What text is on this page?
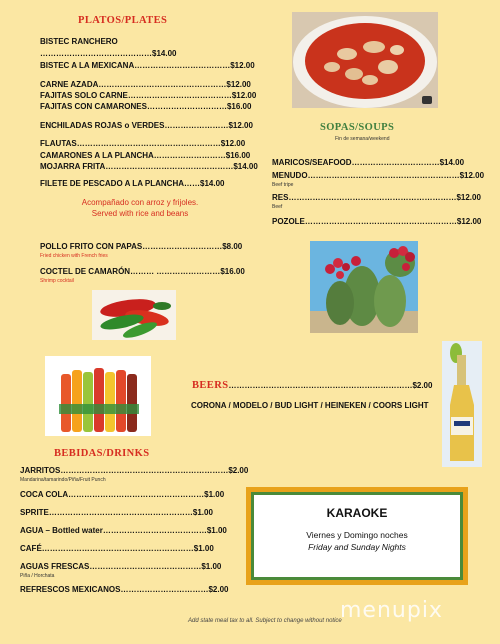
PLATOS/PLATES
BISTEC RANCHERO
……………………………………$14.00
BISTEC A LA MEXICANA………………………………$12.00
CARNE AZADA…………………………………………$12.00
FAJITAS SOLO CARNE…………………………………$12.00
FAJITAS CON CAMARONES…………………………$16.00
ENCHILADAS ROJAS o VERDES……………………$12.00
FLAUTAS………………………………………………$12.00
CAMARONES A LA PLANCHA………………………$16.00
MOJARRA FRITA…………………………………………$14.00
FILETE DE PESCADO A LA PLANCHA……$14.00
Acompañado con arroz y frijoles.
Served with rice and beans
POLLO FRITO CON PAPAS…………………………$8.00
Fried chicken with French fries
COCTEL DE CAMARÓN……… ……………………$16.00
Shrimp cocktail
SOPAS/SOUPS
Fin de semana/weekend
MARICOS/SEAFOOD……………………………$14.00
MENUDO…………………………………………………$12.00
Beef tripe
RES………………………………………………………$12.00
Beef
POZOLE…………………………………………………$12.00
BEERS……………………………………………………………$2.00
CORONA / MODELO / BUD LIGHT / HEINEKEN / COORS LIGHT
BEBIDAS/DRINKS
JARRITOS………………………………………………………$2.00
Mandarina/tamarindo/Piña/Fruit Punch
COCA COLA……………………………………………$1.00
SPRITE………………………………………………$1.00
AGUA – Bottled water…………………………………$1.00
CAFÉ…………………………………………………$1.00
AGUAS FRESCAS……………………………………$1.00
Piña / Horchata
REFRESCOS MEXICANOS……………………………$2.00
KARAOKE
Viernes y Domingo noches
Friday and Sunday Nights
menupix
Add state meal tax to all. Subject to change without notice
